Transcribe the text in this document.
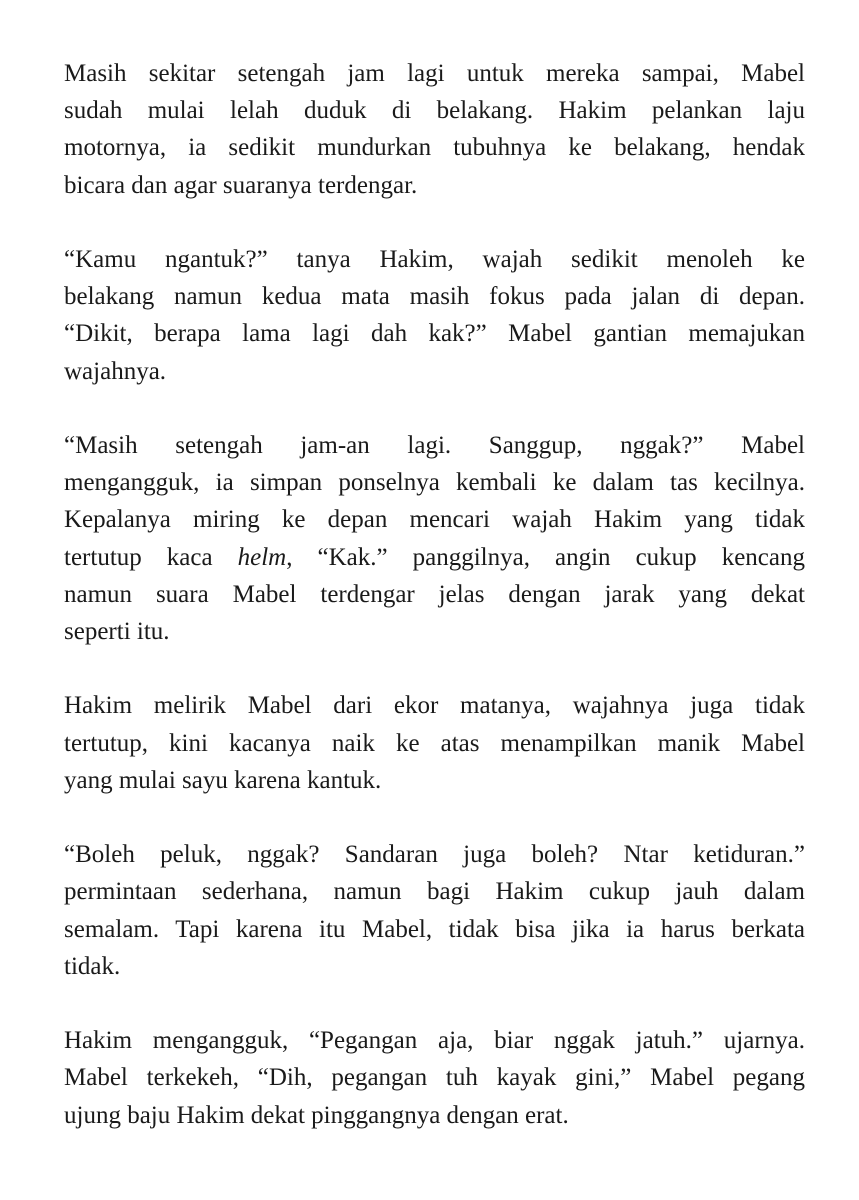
Masih sekitar setengah jam lagi untuk mereka sampai, Mabel
sudah mulai lelah duduk di belakang. Hakim pelankan laju
motornya, ia sedikit mundurkan tubuhnya ke belakang, hendak
bicara dan agar suaranya terdengar.

“Kamu ngantuk?” tanya Hakim, wajah sedikit menoleh ke
belakang namun kedua mata masih fokus pada jalan di depan.
“Dikit, berapa lama lagi dah kak?” Mabel gantian memajukan
wajahnya.

“Masih setengah jam-an lagi. Sanggup, nggak?” Mabel
mengangguk, ia simpan ponselnya kembali ke dalam tas kecilnya.
Kepalanya miring ke depan mencari wajah Hakim yang tidak
tertutup kaca helm, “Kak.” panggilnya, angin cukup kencang
namun suara Mabel terdengar jelas dengan jarak yang dekat
seperti itu.

Hakim melirik Mabel dari ekor matanya, wajahnya juga tidak
tertutup, kini kacanya naik ke atas menampilkan manik Mabel
yang mulai sayu karena kantuk.

“Boleh peluk, nggak? Sandaran juga boleh? Ntar ketiduran.”
permintaan sederhana, namun bagi Hakim cukup jauh dalam
semalam. Tapi karena itu Mabel, tidak bisa jika ia harus berkata
tidak.

Hakim mengangguk, “Pegangan aja, biar nggak jatuh.” ujarnya.
Mabel terkekeh, “Dih, pegangan tuh kayak gini,” Mabel pegang
ujung baju Hakim dekat pinggangnya dengan erat.
